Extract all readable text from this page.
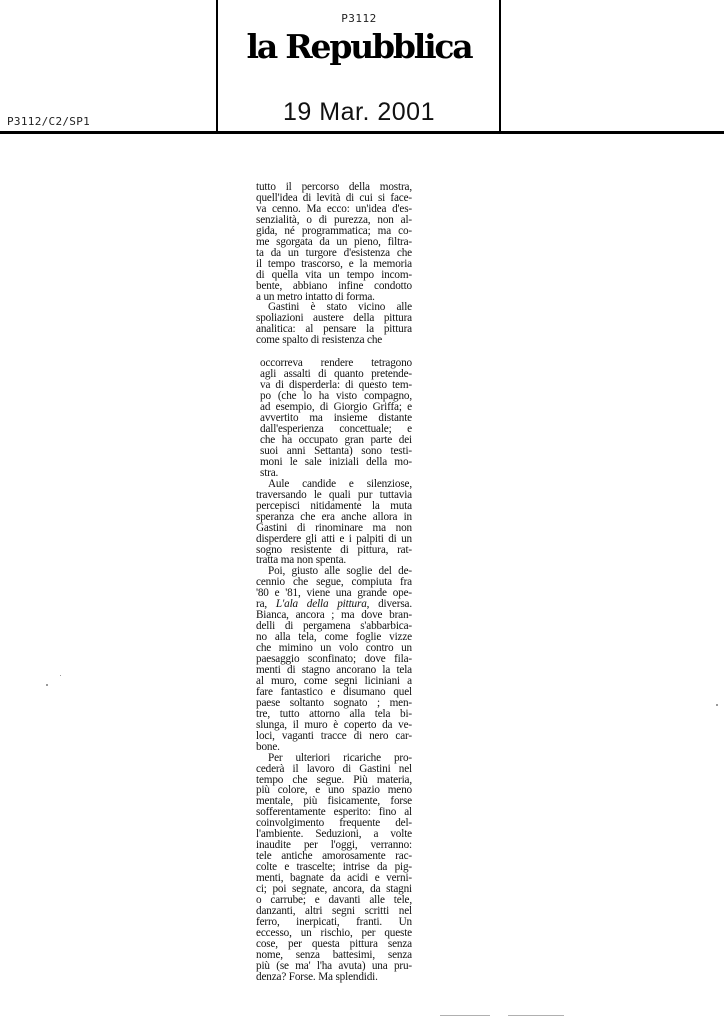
P3112
la Repubblica
19 Mar. 2001
P3112/C2/SP1
tutto il percorso della mostra,
quell'idea di levità di cui si face-
va cenno. Ma ecco: un'idea d'es-
senzialità, o di purezza, non al-
gida, né programmatica; ma co-
me sgorgata da un pieno, filtra-
ta da un turgore d'esistenza che
il tempo trascorso, e la memoria
di quella vita un tempo incom-
bente, abbiano infine condotto
a un metro intatto di forma.
Gastini è stato vicino alle
spoliazioni austere della pittura
analitica: al pensare la pittura
come spalto di resistenza che
occorreva rendere tetragono
agli assalti di quanto pretende-
va di disperderla: di questo tem-
po (che lo ha visto compagno,
ad esempio, di Giorgio Griffa; e
avvertito ma insieme distante
dall'esperienza concettuale; e
che ha occupato gran parte dei
suoi anni Settanta) sono testi-
moni le sale iniziali della mo-
stra.
Aule candide e silenziose,
traversando le quali pur tuttavia
percepisci nitidamente la muta
speranza che era anche allora in
Gastini di rinominare ma non
disperdere gli atti e i palpiti di un
sogno resistente di pittura, rat-
tratta ma non spenta.
Poi, giusto alle soglie del de-
cennio che segue, compiuta fra
'80 e '81, viene una grande ope-
ra, L'ala della pittura, diversa.
Bianca, ancora ; ma dove bran-
delli di pergamena s'abbarbica-
no alla tela, come foglie vizze
che mimino un volo contro un
paesaggio sconfinato; dove fila-
menti di stagno ancorano la tela
al muro, come segni liciniani a
fare fantastico e disumano quel
paese soltanto sognato ; men-
tre, tutto attorno alla tela bi-
slunga, il muro è coperto da ve-
loci, vaganti tracce di nero car-
bone.
Per ulteriori ricariche pro-
cederà il lavoro di Gastini nel
tempo che segue. Più materia,
più colore, e uno spazio meno
mentale, più fisicamente, forse
sofferentamente esperito: fino al
coinvolgimento frequente del-
l'ambiente. Seduzioni, a volte
inaudite per l'oggi, verranno:
tele antiche amorosamente rac-
colte e trascelte; intrise da pig-
menti, bagnate da acidi e verni-
ci; poi segnate, ancora, da stagni
o carrube; e davanti alle tele,
danzanti, altri segni scritti nel
ferro, inerpicati, franti. Un
eccesso, un rischio, per queste
cose, per questa pittura senza
nome, senza battesimi, senza
più (se ma' l'ha avuta) una pru-
denza? Forse. Ma splendidi.
